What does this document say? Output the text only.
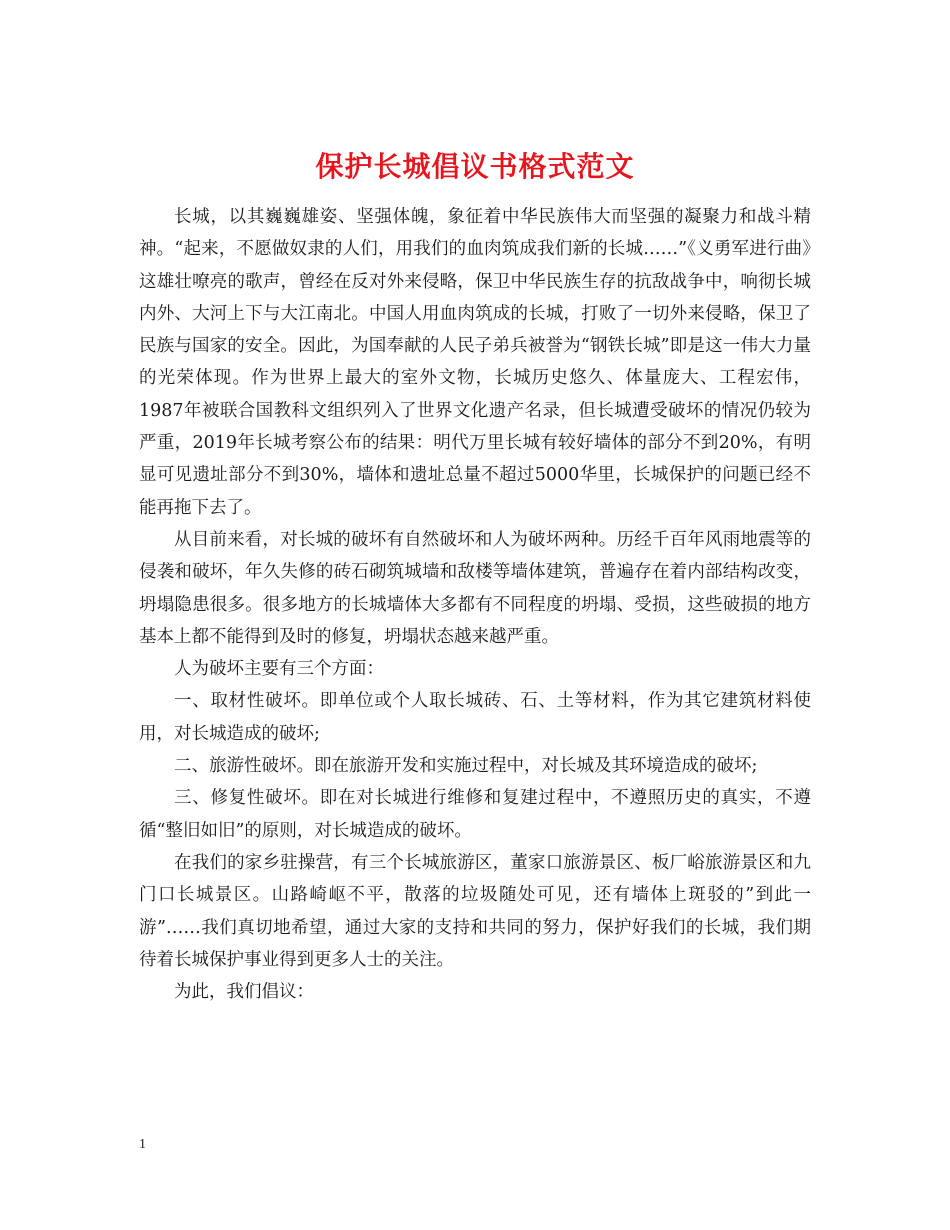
保护长城倡议书格式范文

长城，以其巍巍雄姿、坚强体魄，象征着中华民族伟大而坚强的凝聚力和战斗精神。“起来，不愿做奴隶的人们，用我们的血肉筑成我们新的长城……”《义勇军进行曲》这雄壮嘹亮的歌声，曾经在反对外来侵略，保卫中华民族生存的抗敌战争中，响彻长城内外、大河上下与大江南北。中国人用血肉筑成的长城，打败了一切外来侵略，保卫了民族与国家的安全。因此，为国奉献的人民子弟兵被誉为“钢铁长城”即是这一伟大力量的光荣体现。作为世界上最大的室外文物，长城历史悠久、体量庞大、工程宏伟，1987年被联合国教科文组织列入了世界文化遗产名录，但长城遭受破坏的情况仍较为严重，2019年长城考察公布的结果：明代万里长城有较好墙体的部分不到20%，有明显可见遗址部分不到30%，墙体和遗址总量不超过5000华里，长城保护的问题已经不能再拖下去了。

从目前来看，对长城的破坏有自然破坏和人为破坏两种。历经千百年风雨地震等的侵袭和破坏，年久失修的砖石砌筑城墙和敌楼等墙体建筑，普遍存在着内部结构改变，坍塌隐患很多。很多地方的长城墙体大多都有不同程度的坍塌、受损，这些破损的地方基本上都不能得到及时的修复，坍塌状态越来越严重。

人为破坏主要有三个方面：

一、取材性破坏。即单位或个人取长城砖、石、土等材料，作为其它建筑材料使用，对长城造成的破坏;

二、旅游性破坏。即在旅游开发和实施过程中，对长城及其环境造成的破坏;

三、修复性破坏。即在对长城进行维修和复建过程中，不遵照历史的真实，不遵循“整旧如旧”的原则，对长城造成的破坏。

在我们的家乡驻操营，有三个长城旅游区，董家口旅游景区、板厂峪旅游景区和九门口长城景区。山路崎岖不平，散落的垃圾随处可见，还有墙体上斑驳的”到此一游”……我们真切地希望，通过大家的支持和共同的努力，保护好我们的长城，我们期待着长城保护事业得到更多人士的关注。

为此，我们倡议：

1
